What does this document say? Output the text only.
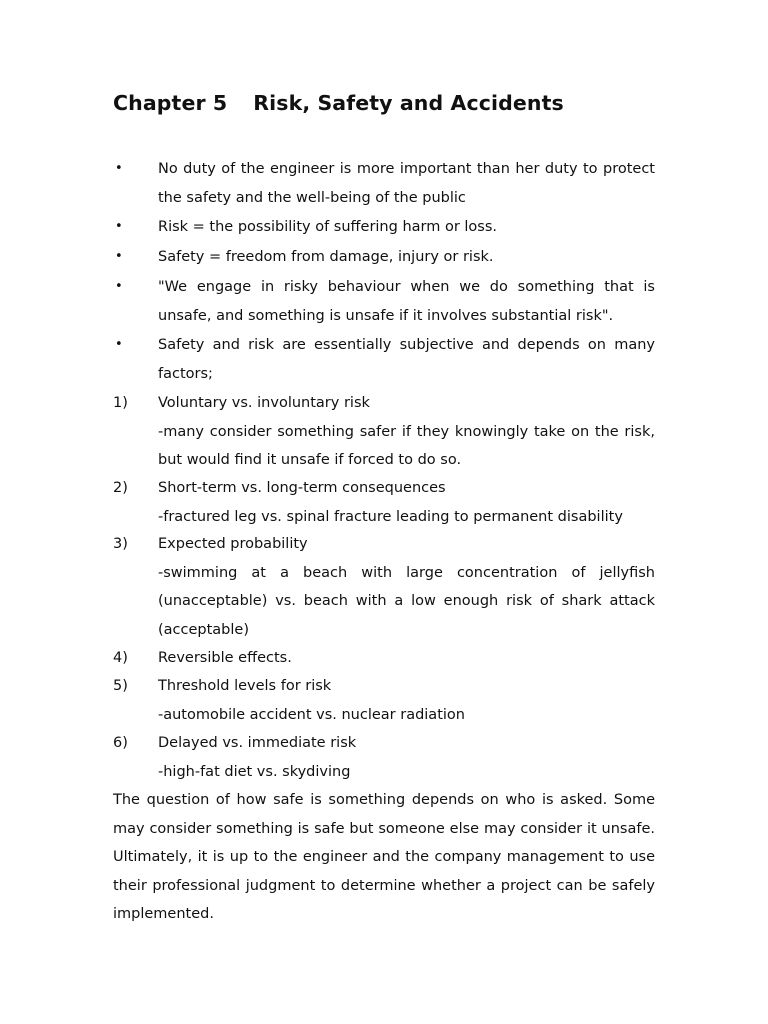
Chapter 5 Risk, Safety and Accidents
• No duty of the engineer is more important than her duty to protect the safety and the well-being of the public
• Risk = the possibility of suffering harm or loss.
• Safety = freedom from damage, injury or risk.
• "We engage in risky behaviour when we do something that is unsafe, and something is unsafe if it involves substantial risk".
• Safety and risk are essentially subjective and depends on many factors;
1) Voluntary vs. involuntary risk
-many consider something safer if they knowingly take on the risk, but would find it unsafe if forced to do so.
2) Short-term vs. long-term consequences
-fractured leg vs. spinal fracture leading to permanent disability
3) Expected probability
-swimming at a beach with large concentration of jellyfish (unacceptable) vs. beach with a low enough risk of shark attack (acceptable)
4) Reversible effects.
5) Threshold levels for risk
-automobile accident vs. nuclear radiation
6) Delayed vs. immediate risk
-high-fat diet vs. skydiving
The question of how safe is something depends on who is asked. Some may consider something is safe but someone else may consider it unsafe. Ultimately, it is up to the engineer and the company management to use their professional judgment to determine whether a project can be safely implemented.
